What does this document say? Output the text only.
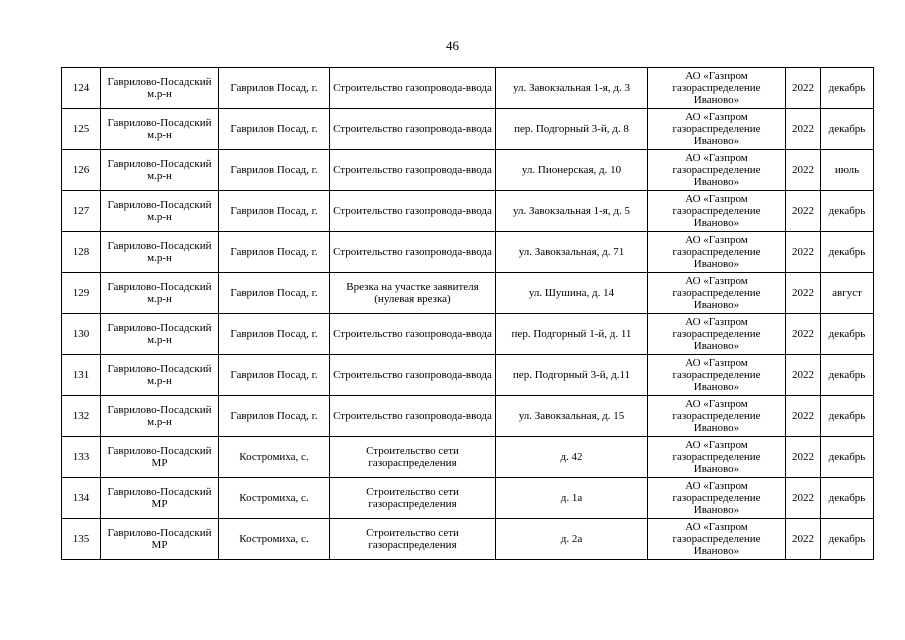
46
124	Гаврилово-Посадский м.р-н	Гаврилов Посад, г.	Строительство газопровода-ввода	ул. Завокзальная 1-я, д. 3	АО «Газпром газораспределение Иваново»	2022	декабрь
125	Гаврилово-Посадский м.р-н	Гаврилов Посад, г.	Строительство газопровода-ввода	пер. Подгорный 3-й, д. 8	АО «Газпром газораспределение Иваново»	2022	декабрь
126	Гаврилово-Посадский м.р-н	Гаврилов Посад, г.	Строительство газопровода-ввода	ул. Пионерская, д. 10	АО «Газпром газораспределение Иваново»	2022	июль
127	Гаврилово-Посадский м.р-н	Гаврилов Посад, г.	Строительство газопровода-ввода	ул. Завокзальная 1-я, д. 5	АО «Газпром газораспределение Иваново»	2022	декабрь
128	Гаврилово-Посадский м.р-н	Гаврилов Посад, г.	Строительство газопровода-ввода	ул. Завокзальная, д. 71	АО «Газпром газораспределение Иваново»	2022	декабрь
129	Гаврилово-Посадский м.р-н	Гаврилов Посад, г.	Врезка на участке заявителя (нулевая врезка)	ул. Шушина, д. 14	АО «Газпром газораспределение Иваново»	2022	август
130	Гаврилово-Посадский м.р-н	Гаврилов Посад, г.	Строительство газопровода-ввода	пер. Подгорный 1-й, д. 11	АО «Газпром газораспределение Иваново»	2022	декабрь
131	Гаврилово-Посадский м.р-н	Гаврилов Посад, г.	Строительство газопровода-ввода	пер. Подгорный 3-й, д.11	АО «Газпром газораспределение Иваново»	2022	декабрь
132	Гаврилово-Посадский м.р-н	Гаврилов Посад, г.	Строительство газопровода-ввода	ул. Завокзальная, д. 15	АО «Газпром газораспределение Иваново»	2022	декабрь
133	Гаврилово-Посадский МР	Костромиха, с.	Строительство сети газораспределения	д. 42	АО «Газпром газораспределение Иваново»	2022	декабрь
134	Гаврилово-Посадский МР	Костромиха, с.	Строительство сети газораспределения	д. 1а	АО «Газпром газораспределение Иваново»	2022	декабрь
135	Гаврилово-Посадский МР	Костромиха, с.	Строительство сети газораспределения	д. 2а	АО «Газпром газораспределение Иваново»	2022	декабрь
